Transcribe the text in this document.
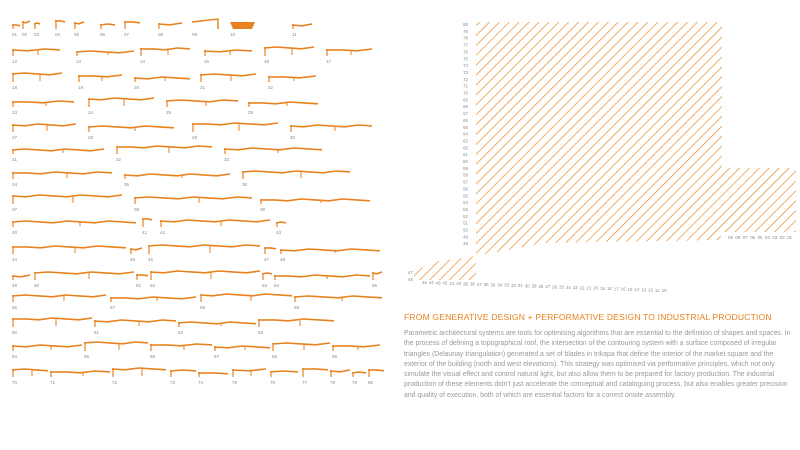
01 02 03	04	05	06	07	08	09	10	11
12	13	14	15	16	17
18	19	20	21	22
23	24	25	26
27	28	29	30
31	32	33
34	35	36
37	38	39
40	41	42	43
44	45	46	47 48
49	50	51 52	53 54	55
56	57	58	59
60	61	62	63
64	65	66	67	68	69
70	71	72	73	74	75	76	77	78	79 80
80
79
78
77
76
75
74
73
72
71
70
69
68
67
66
65
64
63
62
61
60
59
58
57
56
55
54
53
52
51
50
49
48
47
46
45 44 43 42 41 40 39 38 37 36 35 34 33 32 31 30 29 28 27 26 25 24 23 22 21 20 19 18 17 16 15 14 13 12 11 10
09 08 07 06 05 04 03 02 01
FROM GENERATIVE DESIGN + PERFORMATIVE DESIGN TO INDUSTRIAL PRODUCTION

Parametric architectural systems are tools for optimising algorithms that are essential to the definition of shapes and spaces. In the process of defining a topographical roof, the intersection of the contouring system with a surface composed of irregular triangles (Delaunay triangulation) generated a set of blades in trikapa that define the interior of the market square and the exterior of the building (north and west elevations). This strategy was optimised via performative principles, which not only simulate the visual effect and control natural light, but also allow them to be prepared for factory production. The industrial production of these elements didn't just accelerate the conceptual and cataloguing process, but also enables greater precision and quality of execution, both of which are essential factors for a correct onsite assembly.
